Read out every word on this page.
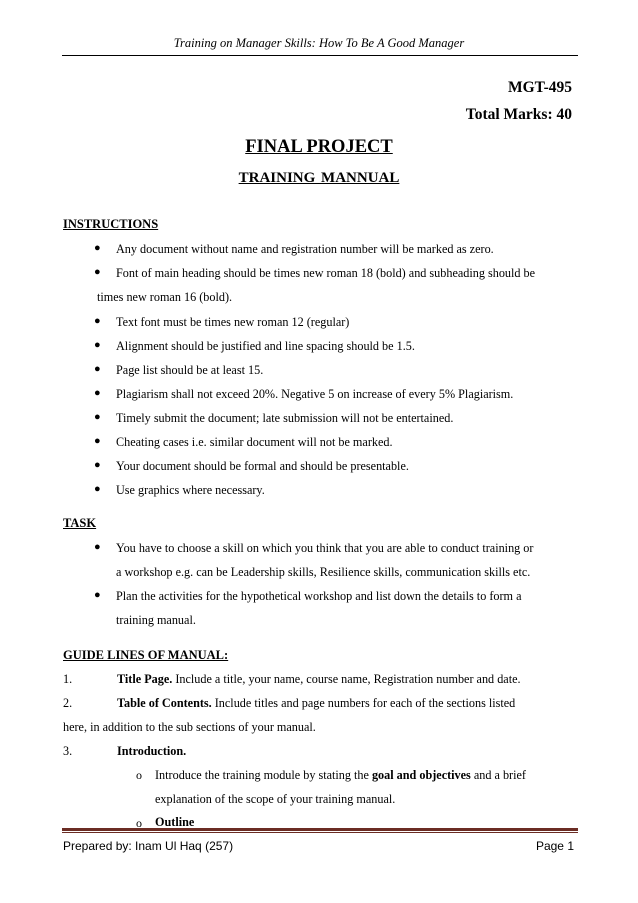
Training on Manager Skills: How To Be A Good Manager
MGT-495
Total Marks: 40
FINAL PROJECT
TRAINING MANNUAL
INSTRUCTIONS
● Any document without name and registration number will be marked as zero.
● Font of main heading should be times new roman 18 (bold) and subheading should be
times new roman 16 (bold).
● Text font must be times new roman 12 (regular)
● Alignment should be justified and line spacing should be 1.5.
● Page list should be at least 15.
● Plagiarism shall not exceed 20%. Negative 5 on increase of every 5% Plagiarism.
● Timely submit the document; late submission will not be entertained.
● Cheating cases i.e. similar document will not be marked.
● Your document should be formal and should be presentable.
● Use graphics where necessary.
TASK
● You have to choose a skill on which you think that you are able to conduct training or
a workshop e.g. can be Leadership skills, Resilience skills, communication skills etc.
● Plan the activities for the hypothetical workshop and list down the details to form a
training manual.
GUIDE LINES OF MANUAL:
1.	Title Page. Include a title, your name, course name, Registration number and date.
2.	Table of Contents. Include titles and page numbers for each of the sections listed
here, in addition to the sub sections of your manual.
3.	Introduction.
o Introduce the training module by stating the goal and objectives and a brief
explanation of the scope of your training manual.
o Outline
Prepared by: Inam Ul Haq (257)	Page 1
